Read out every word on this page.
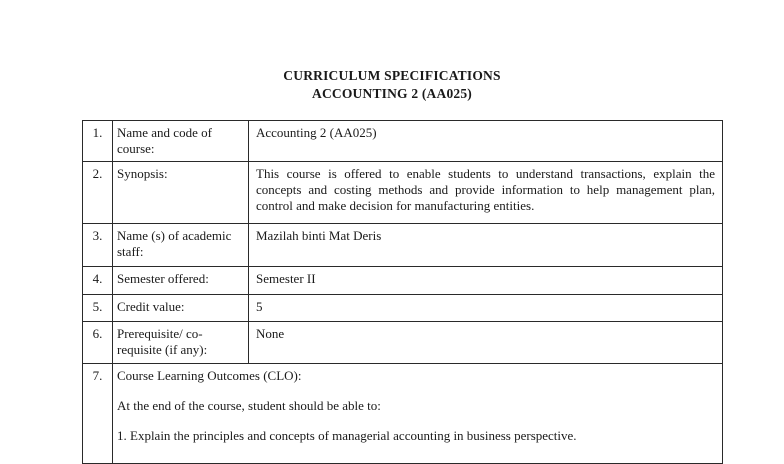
CURRICULUM SPECIFICATIONS
ACCOUNTING 2 (AA025)
1.	Name and code of course:	Accounting 2 (AA025)
2.	Synopsis:	This course is offered to enable students to understand transactions, explain the concepts and costing methods and provide information to help management plan, control and make decision for manufacturing entities.
3.	Name (s) of academic staff:	Mazilah binti Mat Deris
4.	Semester offered:	Semester II
5.	Credit value:	5
6.	Prerequisite/ co-requisite (if any):	None
7.	Course Learning Outcomes (CLO):

At the end of the course, student should be able to:

1. Explain the principles and concepts of managerial accounting in business perspective.	
